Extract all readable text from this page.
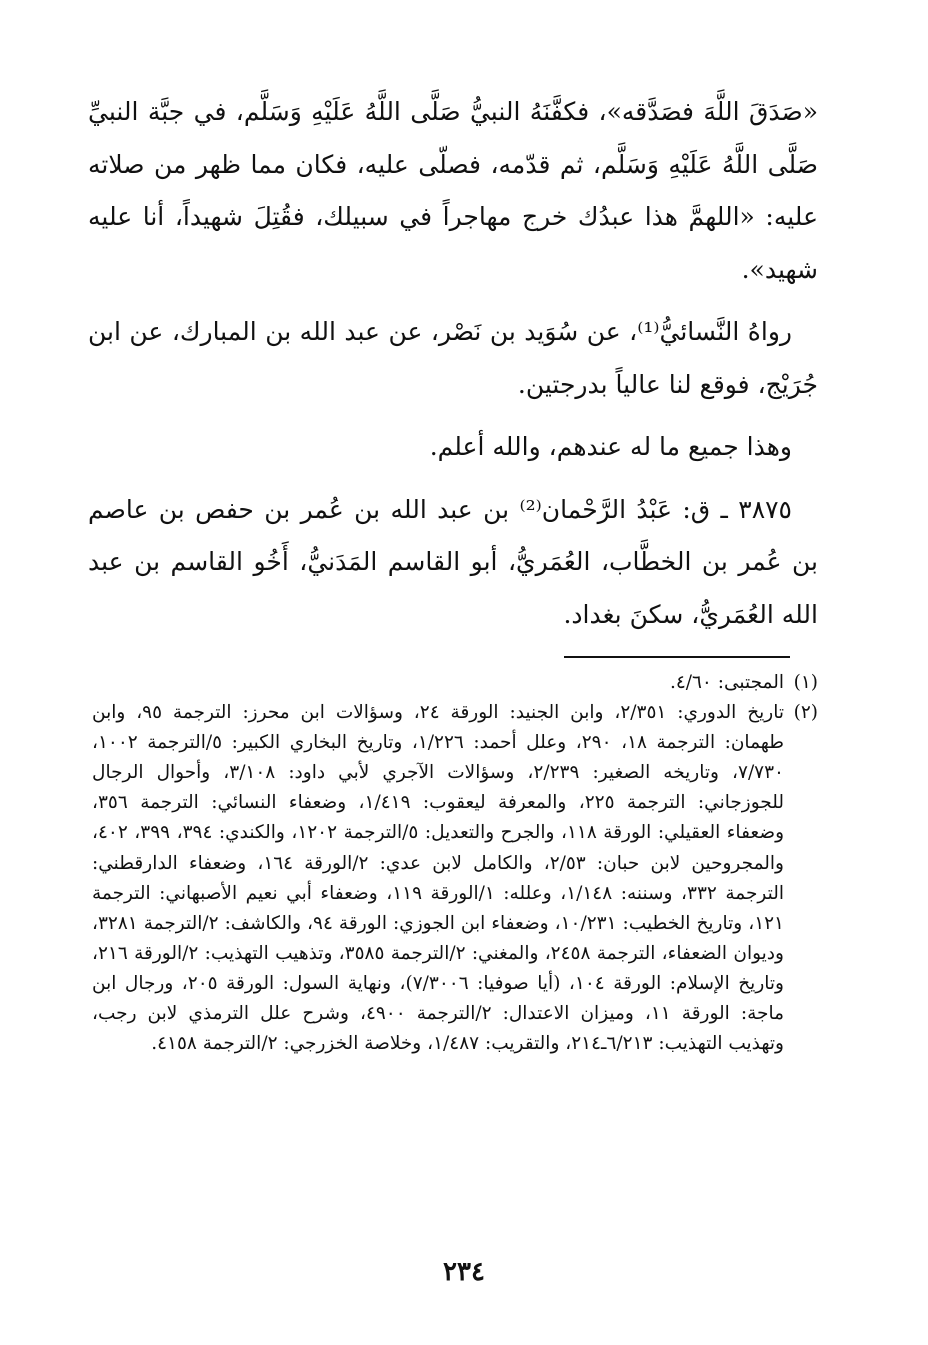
«صَدَقَ اللَّهَ فصَدَّقه»، فكفَّنَهُ النبيُّ صَلَّى اللَّهُ عَلَيْهِ وَسَلَّم، في جبَّة النبيِّ صَلَّى اللَّهُ عَلَيْهِ وَسَلَّم، ثم قدّمه، فصلّى عليه، فكان مما ظهر من صلاته عليه: «اللهمَّ هذا عبدُك خرج مهاجراً في سبيلك، فقُتِلَ شهيداً، أنا عليه شهيد».

رواهُ النَّسائيُّ⁽¹⁾، عن سُوَيد بن نَصْر، عن عبد الله بن المبارك، عن ابن جُرَيْج، فوقع لنا عالياً بدرجتين.

وهذا جميع ما له عندهم، والله أعلم.

٣٨٧٥ ـ ق: عَبْدُ الرَّحْمان⁽²⁾ بن عبد الله بن عُمر بن حفص بن عاصم بن عُمر بن الخطَّاب، العُمَريُّ، أبو القاسم المَدَنيُّ، أَخُو القاسم بن عبد الله العُمَريُّ، سكنَ بغداد.

(١)
المجتبى: ٤/٦٠.
(٢)
تاريخ الدوري: ٢/٣٥١، وابن الجنيد: الورقة ٢٤، وسؤالات ابن محرز: الترجمة ٩٥، وابن طهمان: الترجمة ١٨، ٢٩٠، وعلل أحمد: ١/٢٢٦، وتاريخ البخاري الكبير: ٥/الترجمة ١٠٠٢، ٧/٧٣٠، وتاريخه الصغير: ٢/٢٣٩، وسؤالات الآجري لأبي داود: ٣/١٠٨، وأحوال الرجال للجوزجاني: الترجمة ٢٢٥، والمعرفة ليعقوب: ١/٤١٩، وضعفاء النسائي: الترجمة ٣٥٦، وضعفاء العقيلي: الورقة ١١٨، والجرح والتعديل: ٥/الترجمة ١٢٠٢، والكندي: ٣٩٤، ٣٩٩، ٤٠٢، والمجروحين لابن حبان: ٢/٥٣، والكامل لابن عدي: ٢/الورقة ١٦٤، وضعفاء الدارقطني: الترجمة ٣٣٢، وسننه: ١/١٤٨، وعلله: ١/الورقة ١١٩، وضعفاء أبي نعيم الأصبهاني: الترجمة ١٢١، وتاريخ الخطيب: ١٠/٢٣١، وضعفاء ابن الجوزي: الورقة ٩٤، والكاشف: ٢/الترجمة ٣٢٨١، وديوان الضعفاء، الترجمة ٢٤٥٨، والمغني: ٢/الترجمة ٣٥٨٥، وتذهيب التهذيب: ٢/الورقة ٢١٦، وتاريخ الإسلام: الورقة ١٠٤، (أيا صوفيا: ٧/٣٠٠٦)، ونهاية السول: الورقة ٢٠٥، ورجال ابن ماجة: الورقة ١١، وميزان الاعتدال: ٢/الترجمة ٤٩٠٠، وشرح علل الترمذي لابن رجب، وتهذيب التهذيب: ٦/٢١٣ـ٢١٤، والتقريب: ١/٤٨٧، وخلاصة الخزرجي: ٢/الترجمة ٤١٥٨.
٢٣٤
